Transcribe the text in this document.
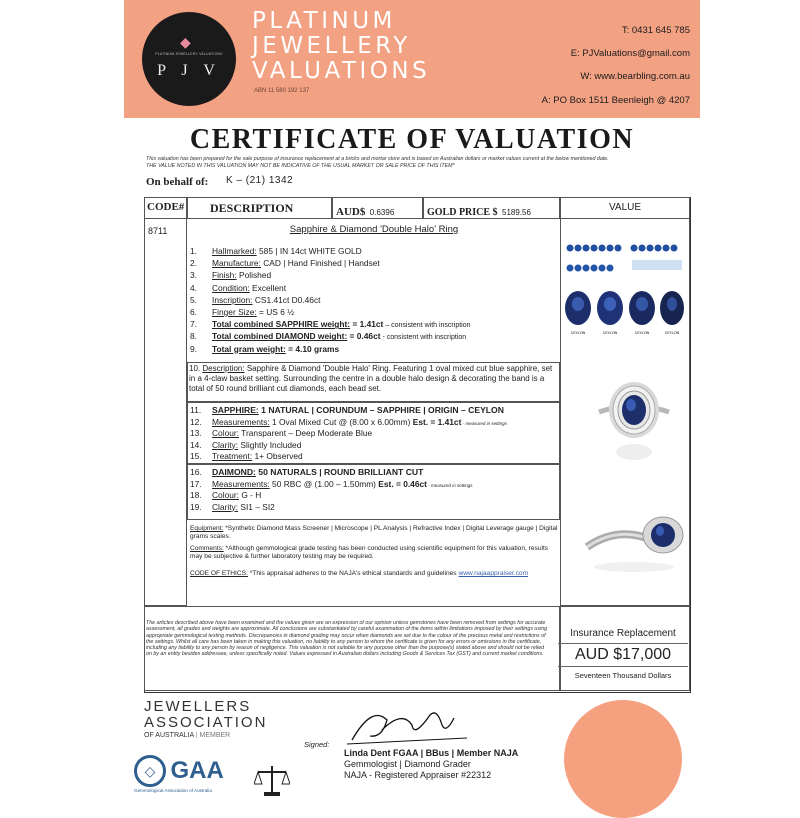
◆
PLATINUM JEWELLERY VALUATIONS
P J V
PLATINUM
JEWELLERY
VALUATIONS
ABN 11 580 192 137
T: 0431 645 785
E: PJValuations@gmail.com
W: www.bearbling.com.au
A: PO Box 1511 Beenleigh @ 4207
CERTIFICATE OF VALUATION
This valuation has been prepared for the sale purpose of insurance replacement at a bricks and mortar store and is based on Australian dollars or market values current at the below mentioned date.
THE VALUE NOTED IN THIS VALUATION MAY NOT BE INDICATIVE OF THE USUAL MARKET OR SALE PRICE OF THIS ITEM*
On behalf of: K – (21) 1342
CODE#	DESCRIPTION	AUD$ 0.6396	GOLD PRICE $ 5189.56	VALUE
8711	Sapphire & Diamond 'Double Halo' Ring
1. Hallmarked: 585 | IN 14ct WHITE GOLD
2. Manufacture: CAD | Hand Finished | Handset
3. Finish: Polished
4. Condition: Excellent
5. Inscription: CS1.41ct D0.46ct
6. Finger Size: = US 6 ½
7. Total combined SAPPHIRE weight: = 1.41ct – consistent with inscription
8. Total combined DIAMOND weight: = 0.46ct - consistent with inscription
9. Total gram weight: = 4.10 grams
10. Description: Sapphire & Diamond 'Double Halo' Ring. Featuring 1 oval mixed cut blue sapphire, set in a 4-claw basket setting. Surrounding the centre in a double halo design & decorating the band is a total of 50 round brilliant cut diamonds, each bead set.
11. SAPPHIRE: 1 NATURAL | CORUNDUM – SAPPHIRE | ORIGIN – CEYLON
12. Measurements: 1 Oval Mixed Cut @ (8.00 x 6.00mm) Est. = 1.41ct - measured in settings
13. Colour: Transparent – Deep Moderate Blue
14. Clarity: Slightly Included
15. Treatment: 1+ Observed
16. DAIMOND: 50 NATURALS | ROUND BRILLIANT CUT
17. Measurements: 50 RBC @ (1.00 – 1.50mm) Est. = 0.46ct - measured in settings
18. Colour: G - H
19. Clarity: SI1 – SI2
Equipment: *Synthetic Diamond Mass Screener | Microscope | PL Analysis | Refractive Index | Digital Leverage gauge | Digital grams scales.
Comments: *Although gemmological grade testing has been conducted using scientific equipment for this valuation, results may be subjective & further laboratory testing may be required.
CODE OF ETHICS: *This appraisal adheres to the NAJA's ethical standards and guidelines www.najaappraiser.com
CEYLON	CEYLON	CEYLON	CEYLON
The articles described above have been examined and the values given are an expression of our opinion unless gemstones have been removed from settings for accurate assessment, all grades and weights are approximate. All conclusions are substantiated by careful examination of the items within limitations imposed by their settings using appropriate gemmological testing methods. Discrepancies in diamond grading may occur when diamonds are set due to the colour of the precious metal and restrictions of the settings. Whilst all care has been taken in making this valuation, no liability to any person to whom the certificate is given for any errors or omissions in the certificate, including any liability to any person by reason of negligence. This valuation is not suitable for any purpose other than the purpose(s) stated above and should not be relied on by an entity besides addressee, unless specifically noted. Values expressed in Australian dollars including Goods & Services Tax (GST) and current market conditions.
Insurance Replacement
AUD $17,000
Seventeen Thousand Dollars
JEWELLERS
ASSOCIATION
OF AUSTRALIA | MEMBER
◇ GAA
Gemmological Association of Australia
Signed:
Linda Dent FGAA | BBus | Member NAJA
Gemmologist | Diamond Grader
NAJA - Registered Appraiser #22312
